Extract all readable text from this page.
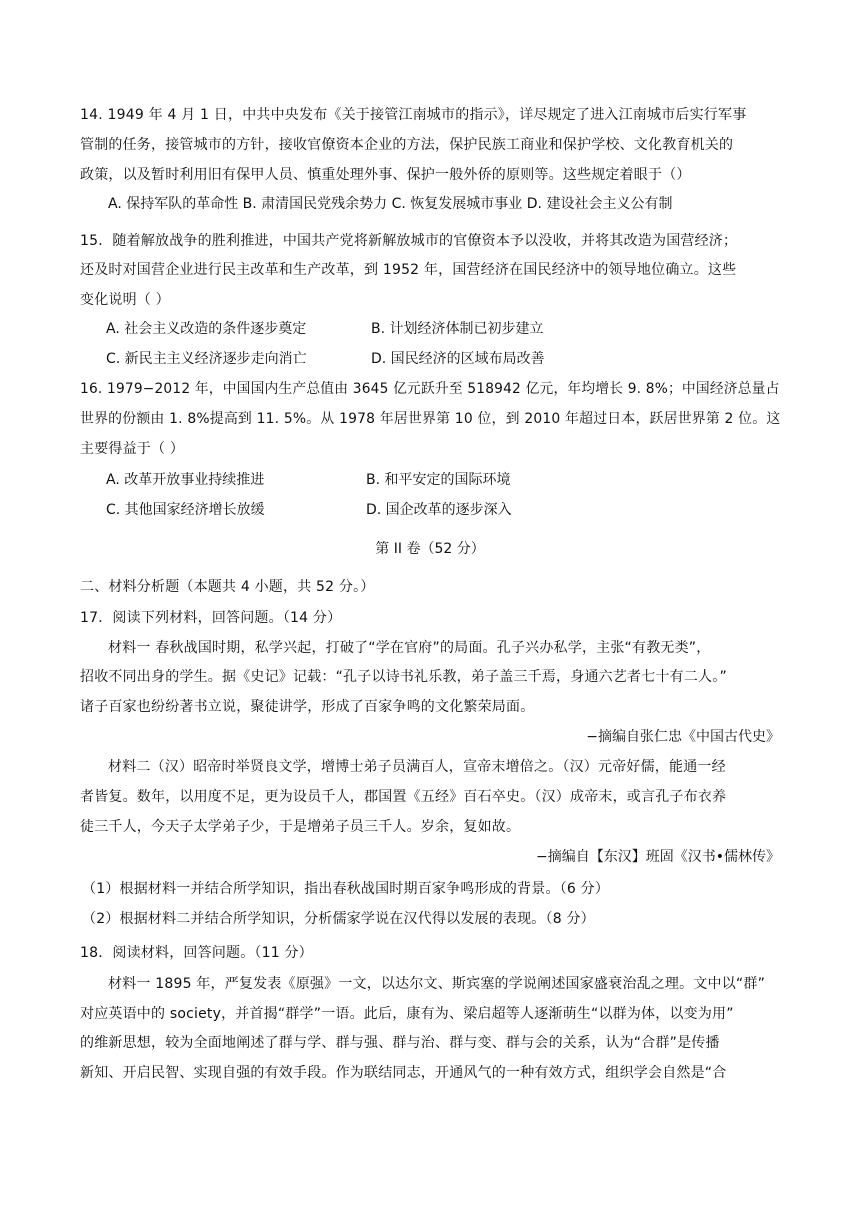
14. 1949 年 4 月 1 日，中共中央发布《关于接管江南城市的指示》，详尽规定了进入江南城市后实行军事
管制的任务，接管城市的方针，接收官僚资本企业的方法，保护民族工商业和保护学校、文化教育机关的
政策，以及暂时利用旧有保甲人员、慎重处理外事、保护一般外侨的原则等。这些规定着眼于（）
A. 保持军队的革命性 B. 肃清国民党残余势力 C. 恢复发展城市事业 D. 建设社会主义公有制
15．随着解放战争的胜利推进，中国共产党将新解放城市的官僚资本予以没收，并将其改造为国营经济；
还及时对国营企业进行民主改革和生产改革，到 1952 年，国营经济在国民经济中的领导地位确立。这些
变化说明（ ）
A. 社会主义改造的条件逐步奠定	B. 计划经济体制已初步建立
C. 新民主主义经济逐步走向消亡	D. 国民经济的区域布局改善
16. 1979−2012 年，中国国内生产总值由 3645 亿元跃升至 518942 亿元，年均增长 9. 8%；中国经济总量占
世界的份额由 1. 8%提高到 11. 5%。从 1978 年居世界第 10 位，到 2010 年超过日本，跃居世界第 2 位。这
主要得益于（ ）
A. 改革开放事业持续推进	B. 和平安定的国际环境
C. 其他国家经济增长放缓	D. 国企改革的逐步深入
第 II 卷（52 分）
二、材料分析题（本题共 4 小题，共 52 分。）
17．阅读下列材料，回答问题。（14 分）
材料一 春秋战国时期，私学兴起，打破了“学在官府”的局面。孔子兴办私学，主张“有教无类”，
招收不同出身的学生。据《史记》记载：“孔子以诗书礼乐教，弟子盖三千焉，身通六艺者七十有二人。”
诸子百家也纷纷著书立说，聚徒讲学，形成了百家争鸣的文化繁荣局面。
−摘编自张仁忠《中国古代史》
材料二（汉）昭帝时举贤良文学，增博士弟子员满百人，宣帝末增倍之。（汉）元帝好儒，能通一经
者皆复。数年，以用度不足，更为设员千人，郡国置《五经》百石卒史。（汉）成帝末，或言孔子布衣养
徒三千人，今天子太学弟子少，于是增弟子员三千人。岁余，复如故。
−摘编自【东汉】班固《汉书•儒林传》
（1）根据材料一并结合所学知识，指出春秋战国时期百家争鸣形成的背景。（6 分）
（2）根据材料二并结合所学知识，分析儒家学说在汉代得以发展的表现。（8 分）
18．阅读材料，回答问题。（11 分）
材料一 1895 年，严复发表《原强》一文，以达尔文、斯宾塞的学说阐述国家盛衰治乱之理。文中以“群”
对应英语中的 society，并首揭“群学”一语。此后，康有为、梁启超等人逐渐萌生“以群为体，以变为用”
的维新思想，较为全面地阐述了群与学、群与强、群与治、群与变、群与会的关系，认为“合群”是传播
新知、开启民智、实现自强的有效手段。作为联结同志，开通风气的一种有效方式，组织学会自然是“合
